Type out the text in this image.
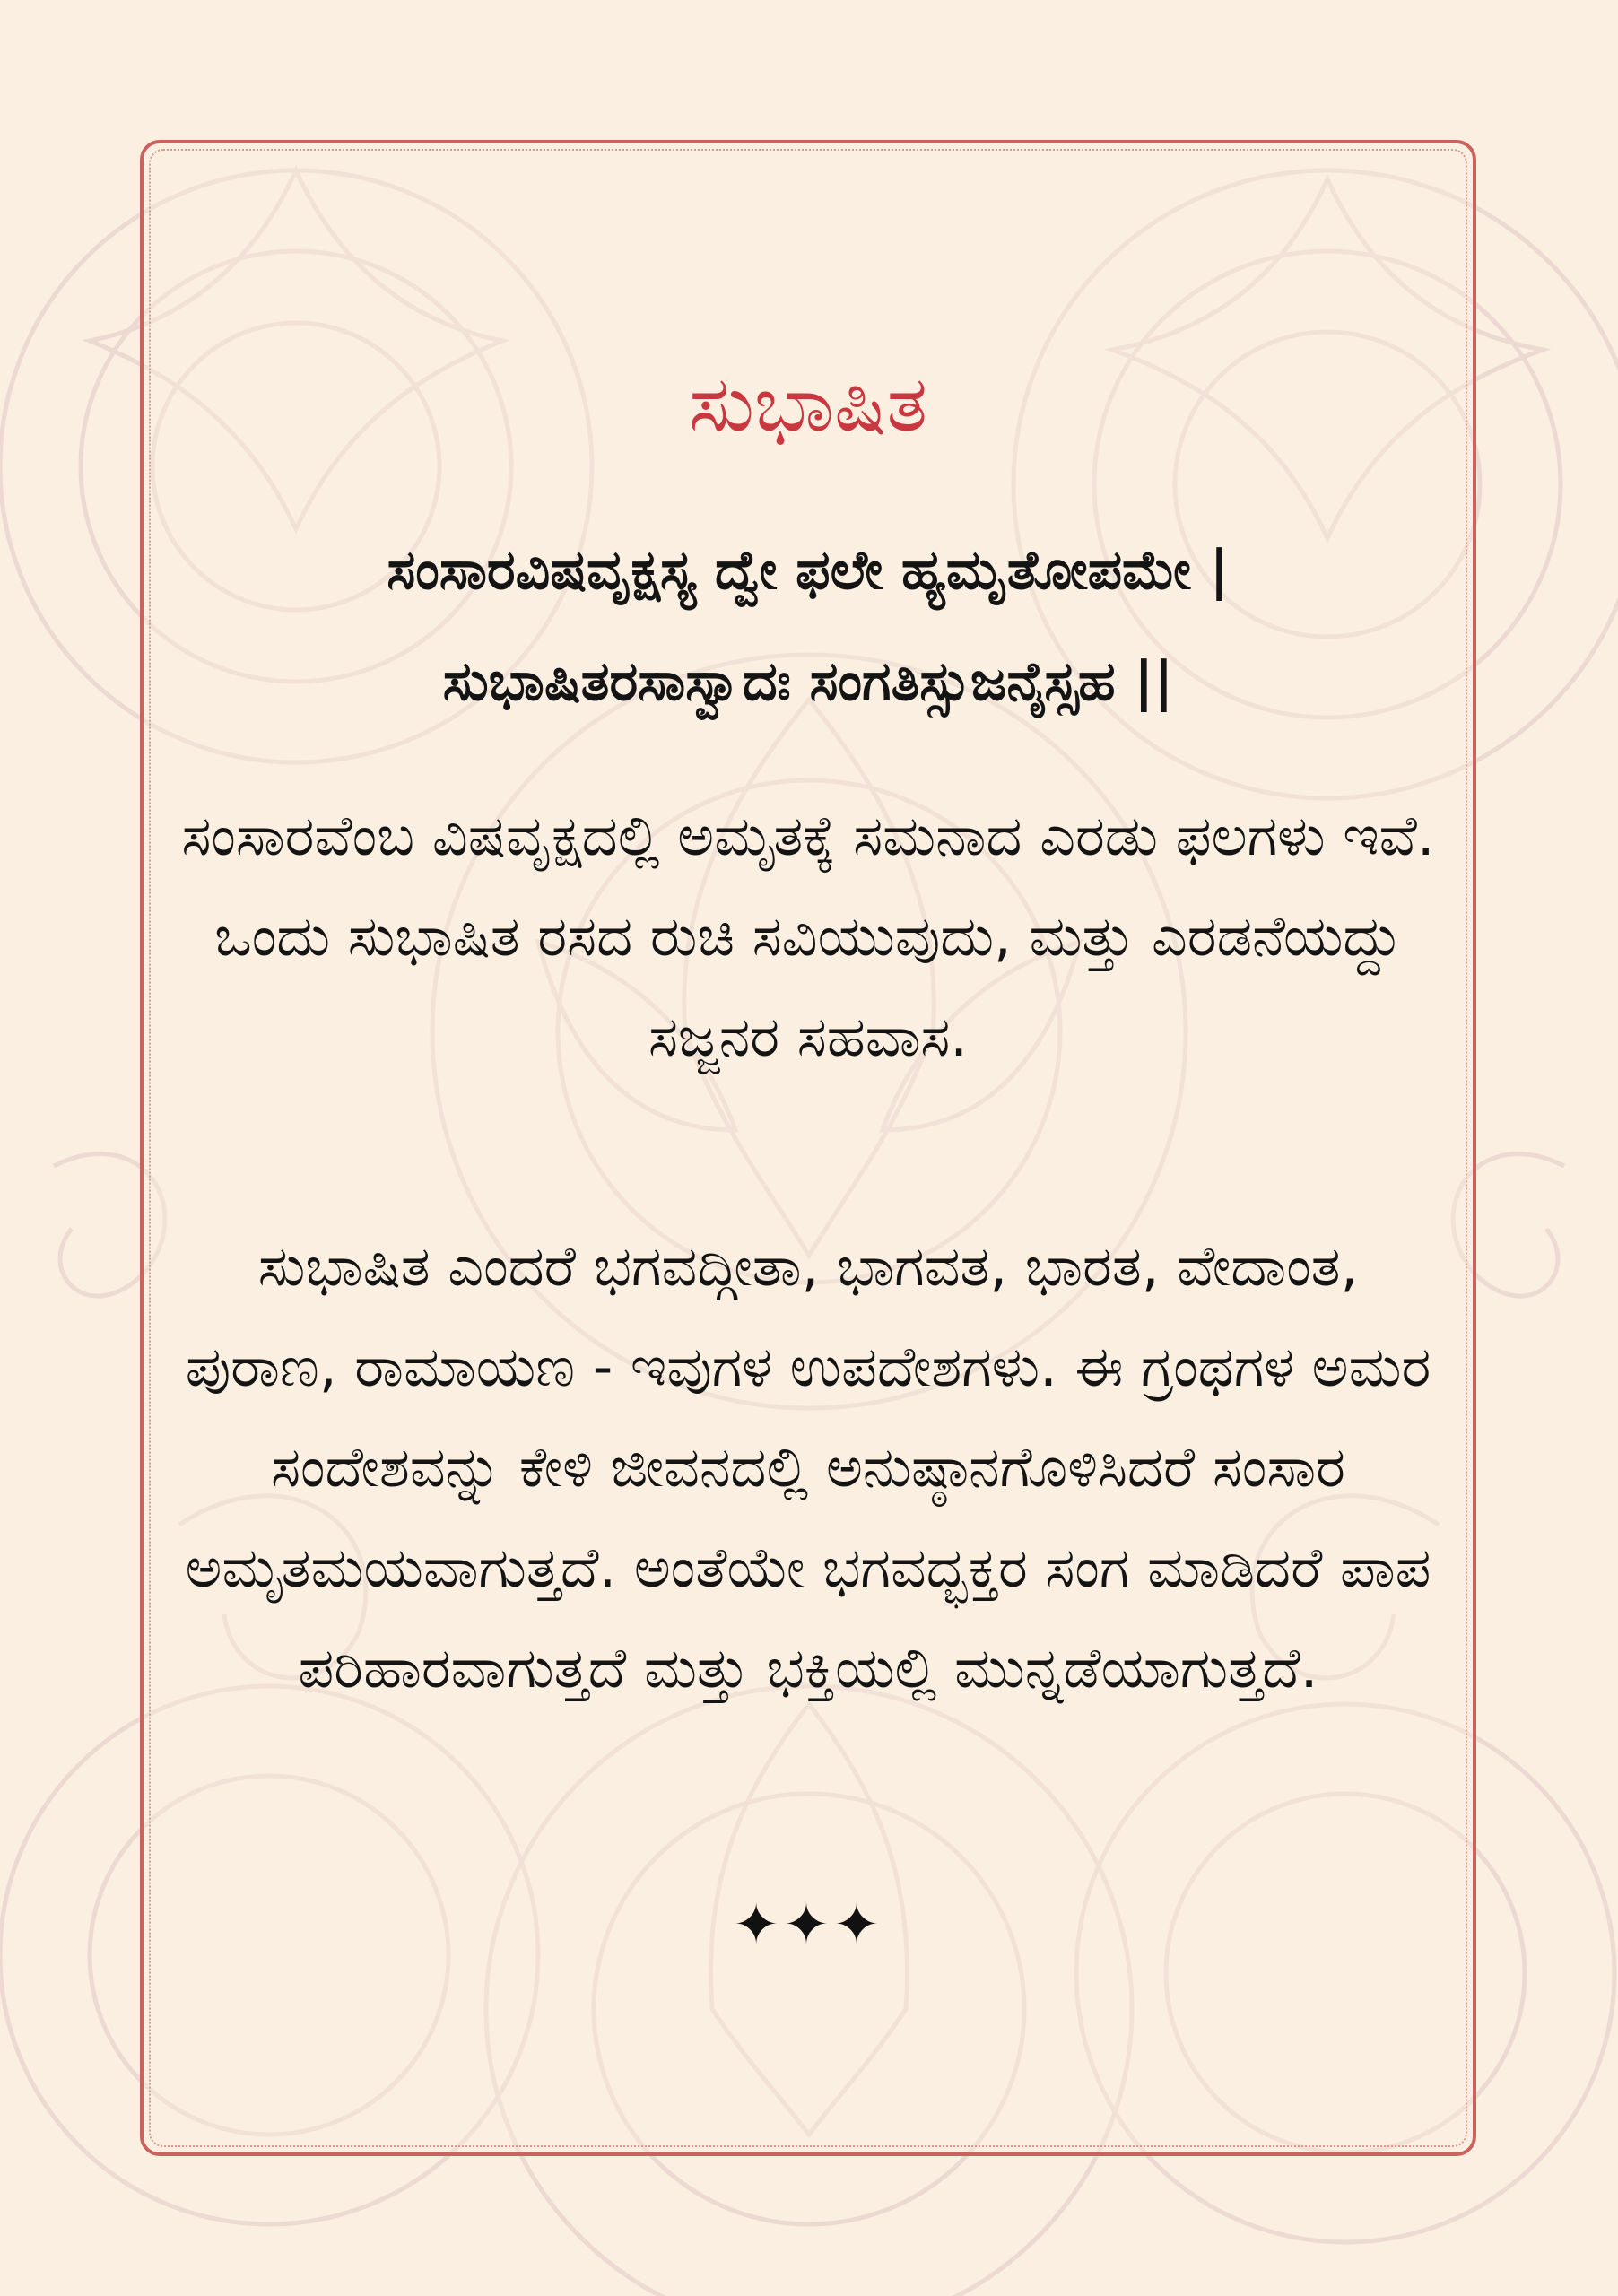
ಸುಭಾಷಿತ
ಸಂಸಾರವಿಷವೃಕ್ಷಸ್ಯ ದ್ವೇ ಫಲೇ ಹ್ಯಮೃತೋಪಮೇ |
ಸುಭಾಷಿತರಸಾಸ್ವಾದಃ ಸಂಗತಿಸ್ಸುಜನೈಸ್ಸಹ ||
ಸಂಸಾರವೆಂಬ ವಿಷವೃಕ್ಷದಲ್ಲಿ ಅಮೃತಕ್ಕೆ ಸಮನಾದ ಎರಡು ಫಲಗಳು ಇವೆ. ಒಂದು ಸುಭಾಷಿತ ರಸದ ರುಚಿ ಸವಿಯುವುದು, ಮತ್ತು ಎರಡನೆಯದ್ದು ಸಜ್ಜನರ ಸಹವಾಸ.
ಸುಭಾಷಿತ ಎಂದರೆ ಭಗವದ್ಗೀತಾ, ಭಾಗವತ, ಭಾರತ, ವೇದಾಂತ, ಪುರಾಣ, ರಾಮಾಯಣ - ಇವುಗಳ ಉಪದೇಶಗಳು. ಈ ಗ್ರಂಥಗಳ ಅಮರ ಸಂದೇಶವನ್ನು ಕೇಳಿ ಜೀವನದಲ್ಲಿ ಅನುಷ್ಠಾನಗೊಳಿಸಿದರೆ ಸಂಸಾರ ಅಮೃತಮಯವಾಗುತ್ತದೆ. ಅಂತೆಯೇ ಭಗವದ್ಭಕ್ತರ ಸಂಗ ಮಾಡಿದರೆ ಪಾಪ ಪರಿಹಾರವಾಗುತ್ತದೆ ಮತ್ತು ಭಕ್ತಿಯಲ್ಲಿ ಮುನ್ನಡೆಯಾಗುತ್ತದೆ.
✦✦✦
